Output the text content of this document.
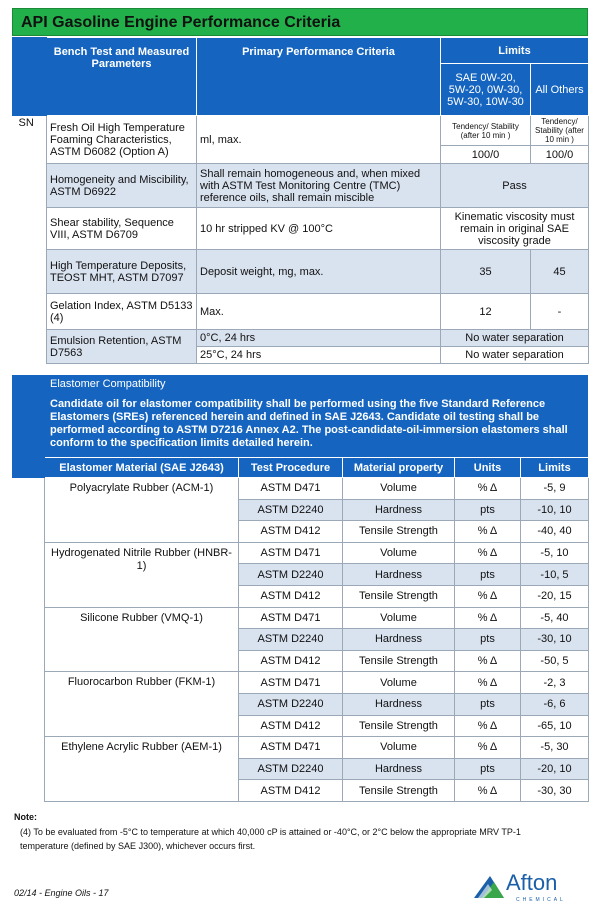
API Gasoline Engine Performance Criteria
	Bench Test and Measured Parameters	Primary Performance Criteria	Limits	
			SAE 0W-20, 5W-20, 0W-30, 5W-30, 10W-30	All Others
SN	Fresh Oil High Temperature Foaming Characteristics, ASTM D6082 (Option A)	ml, max.	Tendency/ Stability (after 10 min )	Tendency/ Stability (after 10 min )
			100/0	100/0
	Homogeneity and Miscibility, ASTM D6922	Shall remain homogeneous and, when mixed with ASTM Test Monitoring Centre (TMC) reference oils, shall remain miscible	Pass	
	Shear stability, Sequence VIII, ASTM D6709	10 hr stripped KV @ 100°C	Kinematic viscosity must remain in original SAE viscosity grade	
	High Temperature Deposits, TEOST MHT, ASTM D7097	Deposit weight, mg, max.	35	45
	Gelation Index, ASTM D5133 (4)	Max.	12	-
	Emulsion Retention, ASTM D7563	0°C, 24 hrs	No water separation	
		25°C, 24 hrs	No water separation	
Elastomer Compatibility
Candidate oil for elastomer compatibility shall be performed using the five Standard Reference Elastomers (SREs) referenced herein and defined in SAE J2643. Candidate oil testing shall be performed according to ASTM D7216 Annex A2. The post-candidate-oil-immersion elastomers shall conform to the specification limits detailed herein.
	Elastomer Material (SAE J2643)	Test Procedure	Material property	Units	Limits
	Polyacrylate Rubber (ACM-1)	ASTM D471	Volume	% Δ	-5, 9
		ASTM D2240	Hardness	pts	-10, 10
		ASTM D412	Tensile Strength	% Δ	-40, 40
	Hydrogenated Nitrile Rubber (HNBR-1)	ASTM D471	Volume	% Δ	-5, 10
		ASTM D2240	Hardness	pts	-10, 5
		ASTM D412	Tensile Strength	% Δ	-20, 15
	Silicone Rubber (VMQ-1)	ASTM D471	Volume	% Δ	-5, 40
		ASTM D2240	Hardness	pts	-30, 10
		ASTM D412	Tensile Strength	% Δ	-50, 5
	Fluorocarbon Rubber (FKM-1)	ASTM D471	Volume	% Δ	-2, 3
		ASTM D2240	Hardness	pts	-6, 6
		ASTM D412	Tensile Strength	% Δ	-65, 10
	Ethylene Acrylic Rubber (AEM-1)	ASTM D471	Volume	% Δ	-5, 30
		ASTM D2240	Hardness	pts	-20, 10
		ASTM D412	Tensile Strength	% Δ	-30, 30
Note:
(4) To be evaluated from -5°C to temperature at which 40,000 cP is attained or -40°C, or 2°C below the appropriate MRV TP-1 temperature (defined by SAE J300), whichever occurs first.
02/14 - Engine Oils - 17	Afton
CHEMICAL
